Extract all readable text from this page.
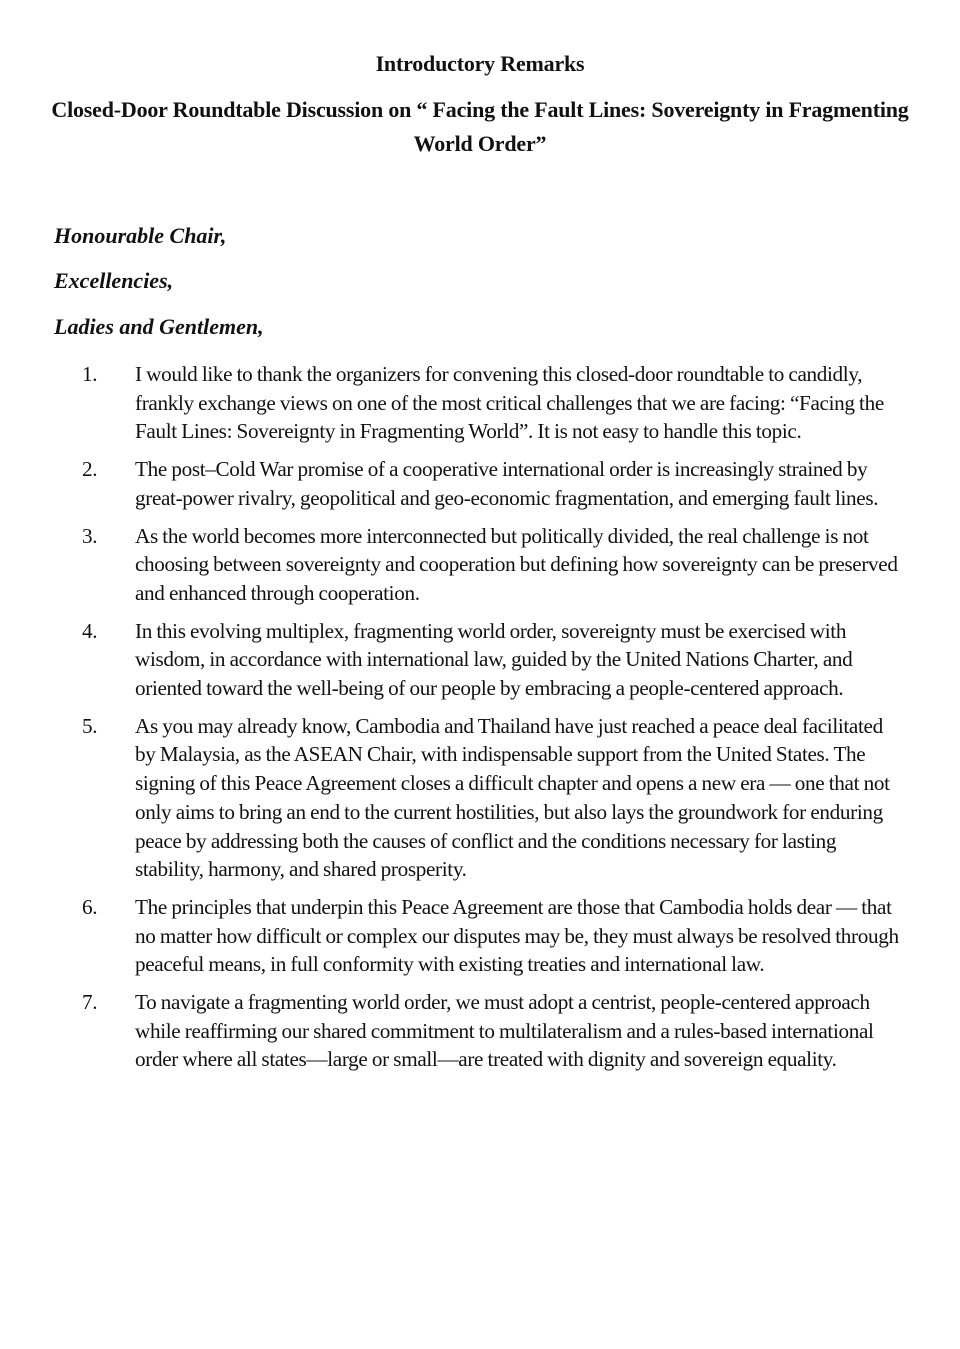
Introductory Remarks
Closed-Door Roundtable Discussion on “ Facing the Fault Lines: Sovereignty in Fragmenting World Order”
Honourable Chair,
Excellencies,
Ladies and Gentlemen,
1.	I would like to thank the organizers for convening this closed-door roundtable to candidly, frankly exchange views on one of the most critical challenges that we are facing: “Facing the Fault Lines: Sovereignty in Fragmenting World”. It is not easy to handle this topic.
2.	The post–Cold War promise of a cooperative international order is increasingly strained by great-power rivalry, geopolitical and geo-economic fragmentation, and emerging fault lines.
3.	As the world becomes more interconnected but politically divided, the real challenge is not choosing between sovereignty and cooperation but defining how sovereignty can be preserved and enhanced through cooperation.
4.	In this evolving multiplex, fragmenting world order, sovereignty must be exercised with wisdom, in accordance with international law, guided by the United Nations Charter, and oriented toward the well-being of our people by embracing a people-centered approach.
5.	As you may already know, Cambodia and Thailand have just reached a peace deal facilitated by Malaysia, as the ASEAN Chair, with indispensable support from the United States. The signing of this Peace Agreement closes a difficult chapter and opens a new era — one that not only aims to bring an end to the current hostilities, but also lays the groundwork for enduring peace by addressing both the causes of conflict and the conditions necessary for lasting stability, harmony, and shared prosperity.
6.	The principles that underpin this Peace Agreement are those that Cambodia holds dear — that no matter how difficult or complex our disputes may be, they must always be resolved through peaceful means, in full conformity with existing treaties and international law.
7.	To navigate a fragmenting world order, we must adopt a centrist, people-centered approach while reaffirming our shared commitment to multilateralism and a rules-based international order where all states—large or small—are treated with dignity and sovereign equality.
